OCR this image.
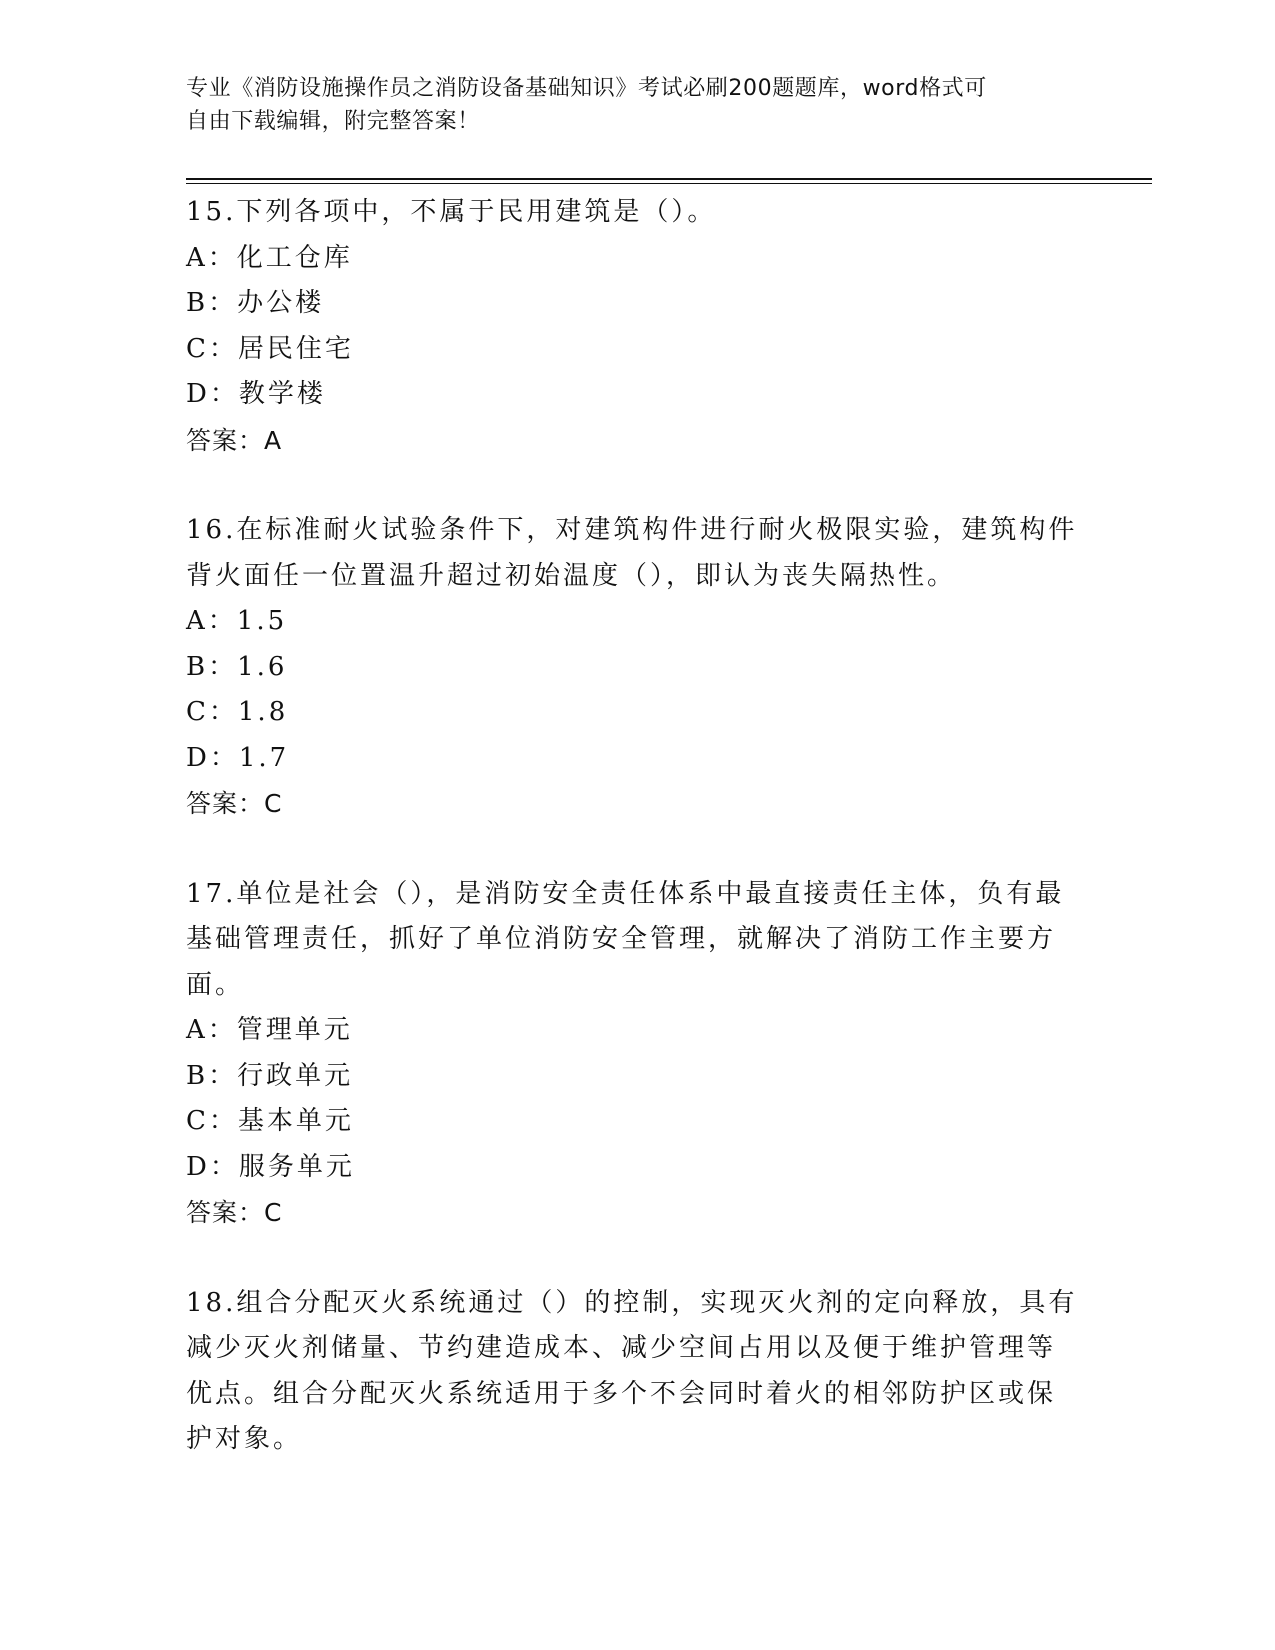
专业《消防设施操作员之消防设备基础知识》考试必刷200题题库，word格式可
自由下载编辑，附完整答案！
15.下列各项中，不属于民用建筑是（）。
A：化工仓库
B：办公楼
C：居民住宅
D：教学楼
答案：A
16.在标准耐火试验条件下，对建筑构件进行耐火极限实验，建筑构件
背火面任一位置温升超过初始温度（），即认为丧失隔热性。
A：1.5
B：1.6
C：1.8
D：1.7
答案：C
17.单位是社会（），是消防安全责任体系中最直接责任主体，负有最
基础管理责任，抓好了单位消防安全管理，就解决了消防工作主要方
面。
A：管理单元
B：行政单元
C：基本单元
D：服务单元
答案：C
18.组合分配灭火系统通过（）的控制，实现灭火剂的定向释放，具有
减少灭火剂储量、节约建造成本、减少空间占用以及便于维护管理等
优点。组合分配灭火系统适用于多个不会同时着火的相邻防护区或保
护对象。
